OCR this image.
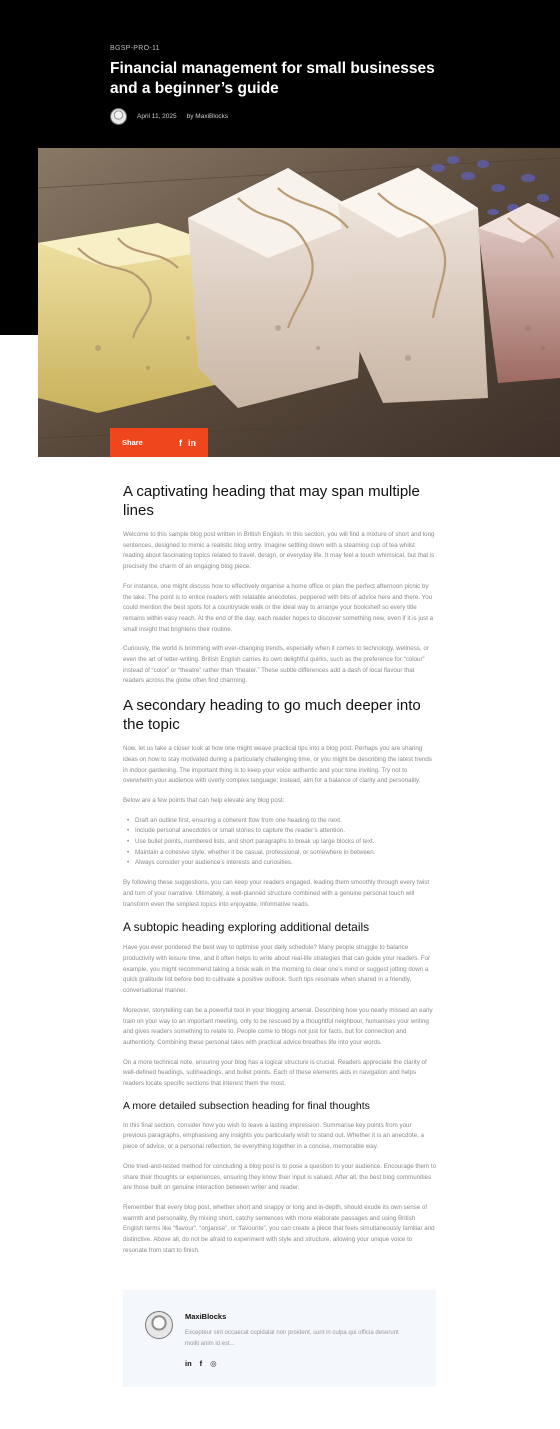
BGSP-PRO-11
Financial management for small businesses and a beginner’s guide
April 11, 2025 by MaxiBlocks
Share	f in
A captivating heading that may span multiple lines

Welcome to this sample blog post written in British English. In this section, you will find a mixture of short and long sentences, designed to mimic a realistic blog entry. Imagine settling down with a steaming cup of tea whilst reading about fascinating topics related to travel, design, or everyday life. It may feel a touch whimsical, but that is precisely the charm of an engaging blog piece.

For instance, one might discuss how to effectively organise a home office or plan the perfect afternoon picnic by the lake. The point is to entice readers with relatable anecdotes, peppered with bits of advice here and there. You could mention the best spots for a countryside walk or the ideal way to arrange your bookshelf so every title remains within easy reach. At the end of the day, each reader hopes to discover something new, even if it is just a small insight that brightens their routine.

Curiously, the world is brimming with ever-changing trends, especially when it comes to technology, wellness, or even the art of letter-writing. British English carries its own delightful quirks, such as the preference for “colour” instead of “color” or “theatre” rather than “theater.” These subtle differences add a dash of local flavour that readers across the globe often find charming.

A secondary heading to go much deeper into the topic

Now, let us take a closer look at how one might weave practical tips into a blog post. Perhaps you are sharing ideas on how to stay motivated during a particularly challenging time, or you might be describing the latest trends in indoor gardening. The important thing is to keep your voice authentic and your tone inviting. Try not to overwhelm your audience with overly complex language; instead, aim for a balance of clarity and personality.

Below are a few points that can help elevate any blog post:

• Draft an outline first, ensuring a coherent flow from one heading to the next.
• Include personal anecdotes or small stories to capture the reader’s attention.
• Use bullet points, numbered lists, and short paragraphs to break up large blocks of text.
• Maintain a cohesive style, whether it be casual, professional, or somewhere in between.
• Always consider your audience’s interests and curiosities.

By following these suggestions, you can keep your readers engaged, leading them smoothly through every twist and turn of your narrative. Ultimately, a well-planned structure combined with a genuine personal touch will transform even the simplest topics into enjoyable, informative reads.

A subtopic heading exploring additional details

Have you ever pondered the best way to optimise your daily schedule? Many people struggle to balance productivity with leisure time, and it often helps to write about real-life strategies that can guide your readers. For example, you might recommend taking a brisk walk in the morning to clear one’s mind or suggest jotting down a quick gratitude list before bed to cultivate a positive outlook. Such tips resonate when shared in a friendly, conversational manner.

Moreover, storytelling can be a powerful tool in your blogging arsenal. Describing how you nearly missed an early train on your way to an important meeting, only to be rescued by a thoughtful neighbour, humanises your writing and gives readers something to relate to. People come to blogs not just for facts, but for connection and authenticity. Combining these personal tales with practical advice breathes life into your words.

On a more technical note, ensuring your blog has a logical structure is crucial. Readers appreciate the clarity of well-defined headings, subheadings, and bullet points. Each of these elements aids in navigation and helps readers locate specific sections that interest them the most.

A more detailed subsection heading for final thoughts

In this final section, consider how you wish to leave a lasting impression. Summarise key points from your previous paragraphs, emphasising any insights you particularly wish to stand out. Whether it is an anecdote, a piece of advice, or a personal reflection, tie everything together in a concise, memorable way.

One tried-and-tested method for concluding a blog post is to pose a question to your audience. Encourage them to share their thoughts or experiences, ensuring they know their input is valued. After all, the best blog communities are those built on genuine interaction between writer and reader.

Remember that every blog post, whether short and snappy or long and in-depth, should exude its own sense of warmth and personality. By mixing short, catchy sentences with more elaborate passages and using British English terms like “flavour”, “organise”, or “favourite”, you can create a piece that feels simultaneously familiar and distinctive. Above all, do not be afraid to experiment with style and structure, allowing your unique voice to resonate from start to finish.

MaxiBlocks
Excepteur sint occaecat cupidatat non proident, sunt in culpa qui officia deserunt mollit anim id est...
in f ◎
